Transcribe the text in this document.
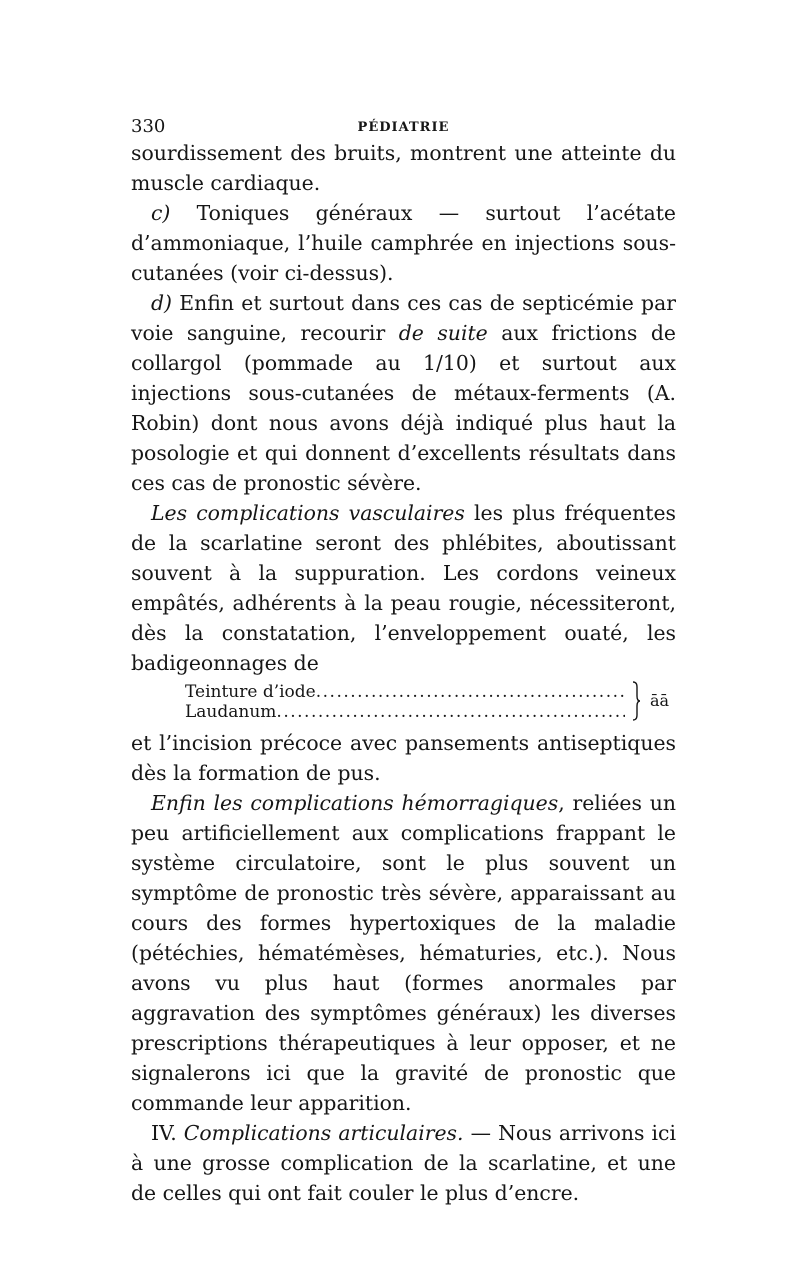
330	PÉDIATRIE

sourdissement des bruits, montrent une atteinte du muscle cardiaque.

c) Toniques généraux — surtout l’acétate d’ammoniaque, l’huile camphrée en injections sous-cutanées (voir ci-dessus).

d) Enfin et surtout dans ces cas de septicémie par voie sanguine, recourir de suite aux frictions de collargol (pommade au 1/10) et surtout aux injections sous-cutanées de métaux-ferments (A. Robin) dont nous avons déjà indiqué plus haut la posologie et qui donnent d’excellents résultats dans ces cas de pronostic sévère.

Les complications vasculaires les plus fréquentes de la scarlatine seront des phlébites, aboutissant souvent à la suppuration. Les cordons veineux empâtés, adhérents à la peau rougie, nécessiteront, dès la constatation, l’enveloppement ouaté, les badigeonnages de

Teinture d’iode
.....
Laudanum
.....
āā

et l’incision précoce avec pansements antiseptiques dès la formation de pus.

Enfin les complications hémorragiques, reliées un peu artificiellement aux complications frappant le système circulatoire, sont le plus souvent un symptôme de pronostic très sévère, apparaissant au cours des formes hypertoxiques de la maladie (pétéchies, hématémèses, hématuries, etc.). Nous avons vu plus haut (formes anormales par aggravation des symptômes généraux) les diverses prescriptions thérapeutiques à leur opposer, et ne signalerons ici que la gravité de pronostic que commande leur apparition.

IV. Complications articulaires. — Nous arrivons ici à une grosse complication de la scarlatine, et une de celles qui ont fait couler le plus d’encre.
